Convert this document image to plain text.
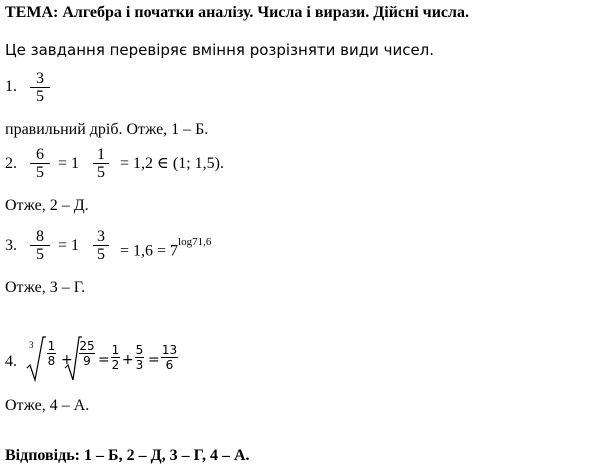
ТЕМА: Алгебра і початки аналізу. Числа і вирази. Дійсні числа.
Це завдання перевіряє вміння розрізняти види чисел.
1. 3
5
правильний дріб. Отже, 1 – Б.
2.
6
5
= 1
1
5
= 1,2 ∈ (1; 1,5).
Отже, 2 – Д.
3.
8
5
= 1
3
$5 = 1,6 = 7^{log71,6}$
Отже, 3 – Г.
4.
3 1
8 +
25
9 =
1
2 +
5
3 =
13
6
Отже, 4 – А.
Відповідь: 1 – Б, 2 – Д, 3 – Г, 4 – А.
